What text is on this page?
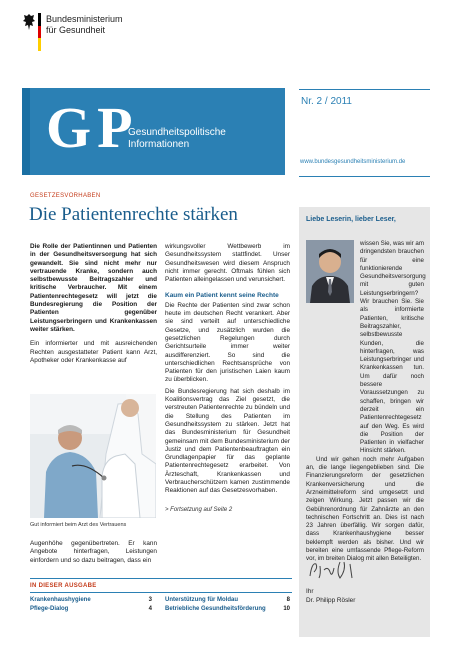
Bundesministerium
für Gesundheit
GP
Gesundheitspolitische
Informationen
Nr. 2 / 2011
www.bundesgesundheitsministerium.de
GESETZESVORHABEN
Die Patientenrechte stärken

Die Rolle der Patientinnen und Patienten in der Gesundheitsversorgung hat sich gewandelt. Sie sind nicht mehr nur vertrauende Kranke, sondern auch selbstbewusste Beitragszahler und kritische Verbraucher. Mit einem Patientenrechtegesetz will jetzt die Bundesregierung die Position der Patienten gegenüber Leistungserbringern und Krankenkassen weiter stärken.

Ein informierter und mit ausreichenden Rechten ausgestatteter Patient kann Arzt, Apotheker oder Krankenkasse auf

Gut informiert beim Arzt des Vertrauens

Augenhöhe gegenübertreten. Er kann Angebote hinterfragen, Leistungen einfordern und so dazu beitragen, dass ein

wirkungsvoller Wettbewerb im Gesundheitssystem stattfindet. Unser Gesundheitswesen wird diesem Anspruch nicht immer gerecht. Oftmals fühlen sich Patienten alleingelassen und verunsichert.

Kaum ein Patient kennt seine Rechte

Die Rechte der Patienten sind zwar schon heute im deutschen Recht verankert. Aber sie sind verteilt auf unterschiedliche Gesetze, und zusätzlich wurden die gesetzlichen Regelungen durch Gerichtsurteile immer weiter ausdifferenziert. So sind die unterschiedlichen Rechtsansprüche von Patienten für den juristischen Laien kaum zu überblicken.

Die Bundesregierung hat sich deshalb im Koalitionsvertrag das Ziel gesetzt, die verstreuten Patientenrechte zu bündeln und die Stellung des Patienten im Gesundheitssystem zu stärken. Jetzt hat das Bundesministerium für Gesundheit gemeinsam mit dem Bundesministerium der Justiz und dem Patientenbeauftragten ein Grundlagenpapier für das geplante Patientenrechtegesetz erarbeitet. Von Ärzteschaft, Krankenkassen und Verbraucherschützern kamen zustimmende Reaktionen auf das Gesetzesvorhaben.

> Fortsetzung auf Seite 2

Liebe Leserin, lieber Leser,
wissen Sie, was wir am dringendsten brauchen für eine funktionierende Gesundheitsversorgung mit guten Leistungserbringern? Wir brauchen Sie. Sie als informierte Patienten, kritische Beitragszahler, selbstbewusste Kunden, die hinterfragen, was Leistungserbringer und Krankenkassen tun. Um dafür noch bessere Voraussetzungen zu schaffen, bringen wir derzeit ein Patientenrechtegesetz auf den Weg. Es wird die Position der Patienten in vielfacher Hinsicht stärken.
Und wir gehen noch mehr Aufgaben an, die lange liegengeblieben sind. Die Finanzierungsreform der gesetzlichen Krankenversicherung und die Arzneimittelreform sind umgesetzt und zeigen Wirkung. Jetzt passen wir die Gebührenordnung für Zahnärzte an den technischen Fortschritt an. Dies ist nach 23 Jahren überfällig. Wir sorgen dafür, dass Krankenhaushygiene besser beklempft werden als bisher. Und wir bereiten eine umfassende Pflege-Reform vor, im breiten Dialog mit allen Beteiligten.
Ihr
Dr. Philipp Rösler
IN DIESER AUSGABE
Krankenhaushygiene	3
Pflege-Dialog	4
Unterstützung für Moldau	8
Betriebliche Gesundheitsförderung	10
